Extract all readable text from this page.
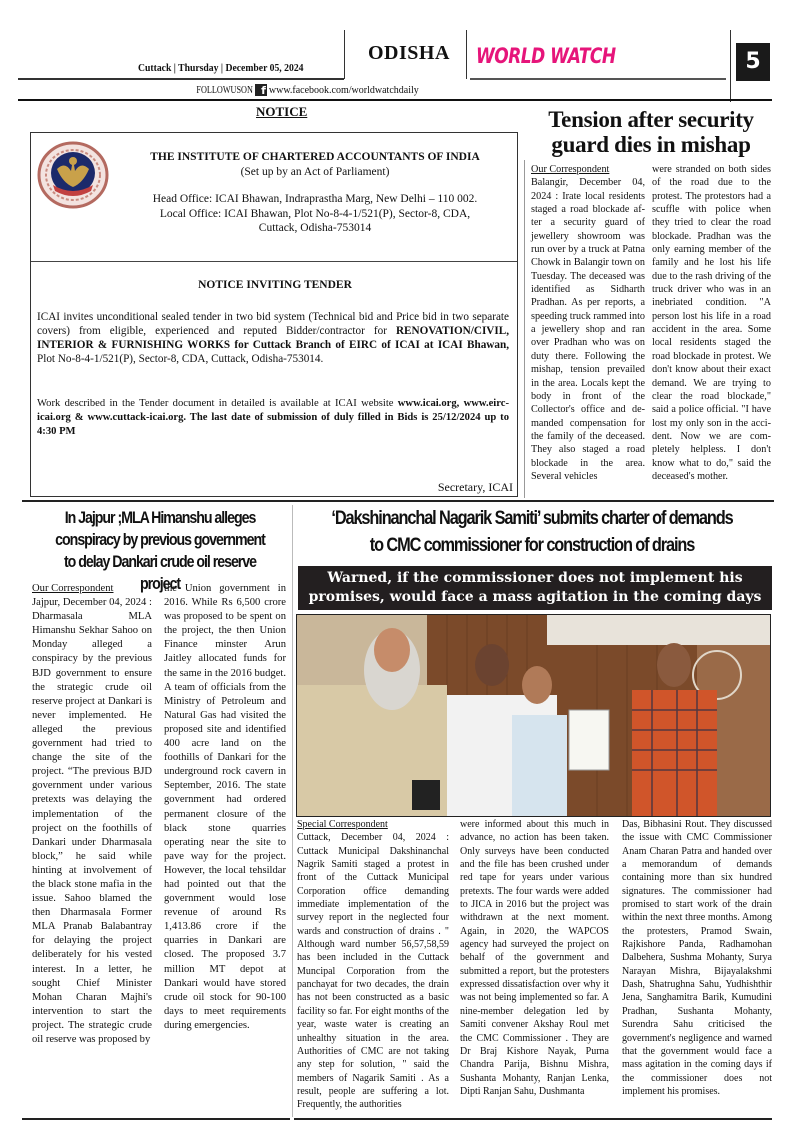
Cuttack | Thursday | December 05, 2024
ODISHA WORLD WATCH	5
FOLLOWUSON f www.facebook.com/worldwatchdaily
NOTICE
THE INSTITUTE OF CHARTERED ACCOUNTANTS OF INDIA
(Set up by an Act of Parliament)
Head Office: ICAI Bhawan, Indraprastha Marg, New Delhi – 110 002.
Local Office: ICAI Bhawan, Plot No-8-4-1/521(P), Sector-8, CDA,
Cuttack, Odisha-753014
NOTICE INVITING TENDER
ICAI invites unconditional sealed tender in two bid system (Technical bid and Price bid in two separate covers) from eligible, experienced and reputed Bidder/contractor for RENOVATION/CIVIL, INTERIOR & FURNISHING WORKS for Cuttack Branch of EIRC of ICAI at ICAI Bhawan, Plot No-8-4-1/521(P), Sector-8, CDA, Cuttack, Odisha-753014.
Work described in the Tender document in detailed is available at ICAI website www.icai.org, www.eirc-icai.org & www.cuttack-icai.org. The last date of submission of duly filled in Bids is 25/12/2024 up to 4:30 PM
Secretary, ICAI
Tension after security guard dies in mishap
Our Correspondent
Balangir, December 04, 2024 : Irate local residents staged a road blockade after a security guard of jewellery showroom was run over by a truck at Patna Chowk in Balangir town on Tuesday. The deceased was identified as Sidharth Pradhan. As per reports, a speeding truck rammed into a jewellery shop and ran over Pradhan who was on duty there. Following the mishap, tension prevailed in the area. Locals kept the body in front of the Collector's office and demanded compensation for the family of the deceased. They also staged a road blockade in the area. Several vehicles
were stranded on both sides of the road due to the protest. The protestors had a scuffle with police when they tried to clear the road blockade. Pradhan was the only earning member of the family and he lost his life due to the rash driving of the truck driver who was in an inebriated condition. "A person lost his life in a road accident in the area. Some local residents staged the road blockade in protest. We don't know about their exact demand. We are trying to clear the road blockade," said a police official. "I have lost my only son in the accident. Now we are completely helpless. I don't know what to do," said the deceased's mother.
In Jajpur ;MLA Himanshu alleges conspiracy by previous government to delay Dankari crude oil reserve project
Our Correspondent
Jajpur, December 04, 2024 : Dharmasala MLA Himanshu Sekhar Sahoo on Monday alleged a conspiracy by the previous BJD government to ensure the strategic crude oil reserve project at Dankari is never implemented. He alleged the previous government had tried to change the site of the project. “The previous BJD government under various pretexts was delaying the implementation of the project on the foothills of Dankari under Dharmasala block,” he said while hinting at involvement of the black stone mafia in the issue. Sahoo blamed the then Dharmasala Former MLA Pranab Balabantray for delaying the project deliberately for his vested interest. In a letter, he sought Chief Minister Mohan Charan Majhi's intervention to start the project. The strategic crude oil reserve was proposed by
the Union government in 2016. While Rs 6,500 crore was proposed to be spent on the project, the then Union Finance minster Arun Jaitley allocated funds for the same in the 2016 budget. A team of officials from the Ministry of Petroleum and Natural Gas had visited the proposed site and identified 400 acre land on the foothills of Dankari for the underground rock cavern in September, 2016. The state government had ordered permanent closure of the black stone quarries operating near the site to pave way for the project. However, the local tehsildar had pointed out that the government would lose revenue of around Rs 1,413.86 crore if the quarries in Dankari are closed. The proposed 3.7 million MT depot at Dankari would have stored crude oil stock for 90-100 days to meet requirements during emergencies.
‘Dakshinanchal Nagarik Samiti’ submits charter of demands to CMC commissioner for construction of drains
Warned, if the commissioner does not implement his promises, would face a mass agitation in the coming days
Special Correspondent
Cuttack, December 04, 2024 : Cuttack Municipal Dakshinanchal Nagrik Samiti staged a protest in front of the Cuttack Municipal Corporation office demanding immediate implementation of the survey report in the neglected four wards and construction of drains . " Although ward number 56,57,58,59 has been included in the Cuttack Muncipal Corporation from the panchayat for two decades, the drain has not been constructed as a basic facility so far. For eight months of the year, waste water is creating an unhealthy situation in the area. Authorities of CMC are not taking any step for solution, " said the members of Nagarik Samiti . As a result, people are suffering a lot. Frequently, the authorities
were informed about this much in advance, no action has been taken. Only surveys have been conducted and the file has been crushed under red tape for years under various pretexts. The four wards were added to JICA in 2016 but the project was withdrawn at the next moment. Again, in 2020, the WAPCOS agency had surveyed the project on behalf of the government and submitted a report, but the protesters expressed dissatisfaction over why it was not being implemented so far. A nine-member delegation led by Samiti convener Akshay Roul met the CMC Commissioner . They are Dr Braj Kishore Nayak, Purna Chandra Parija, Bishnu Mishra, Sushanta Mohanty, Ranjan Lenka, Dipti Ranjan Sahu, Dushmanta
Das, Bibhasini Rout. They discussed the issue with CMC Commissioner Anam Charan Patra and handed over a memorandum of demands containing more than six hundred signatures. The commissioner had promised to start work of the drain within the next three months. Among the protesters, Pramod Swain, Rajkishore Panda, Radhamohan Dalbehera, Sushma Mohanty, Surya Narayan Mishra, Bijayalakshmi Dash, Shatrughna Sahu, Yudhishthir Jena, Sanghamitra Barik, Kumudini Pradhan, Sushanta Mohanty, Surendra Sahu criticised the government's negligence and warned that the government would face a mass agitation in the coming days if the commissioner does not implement his promises.
